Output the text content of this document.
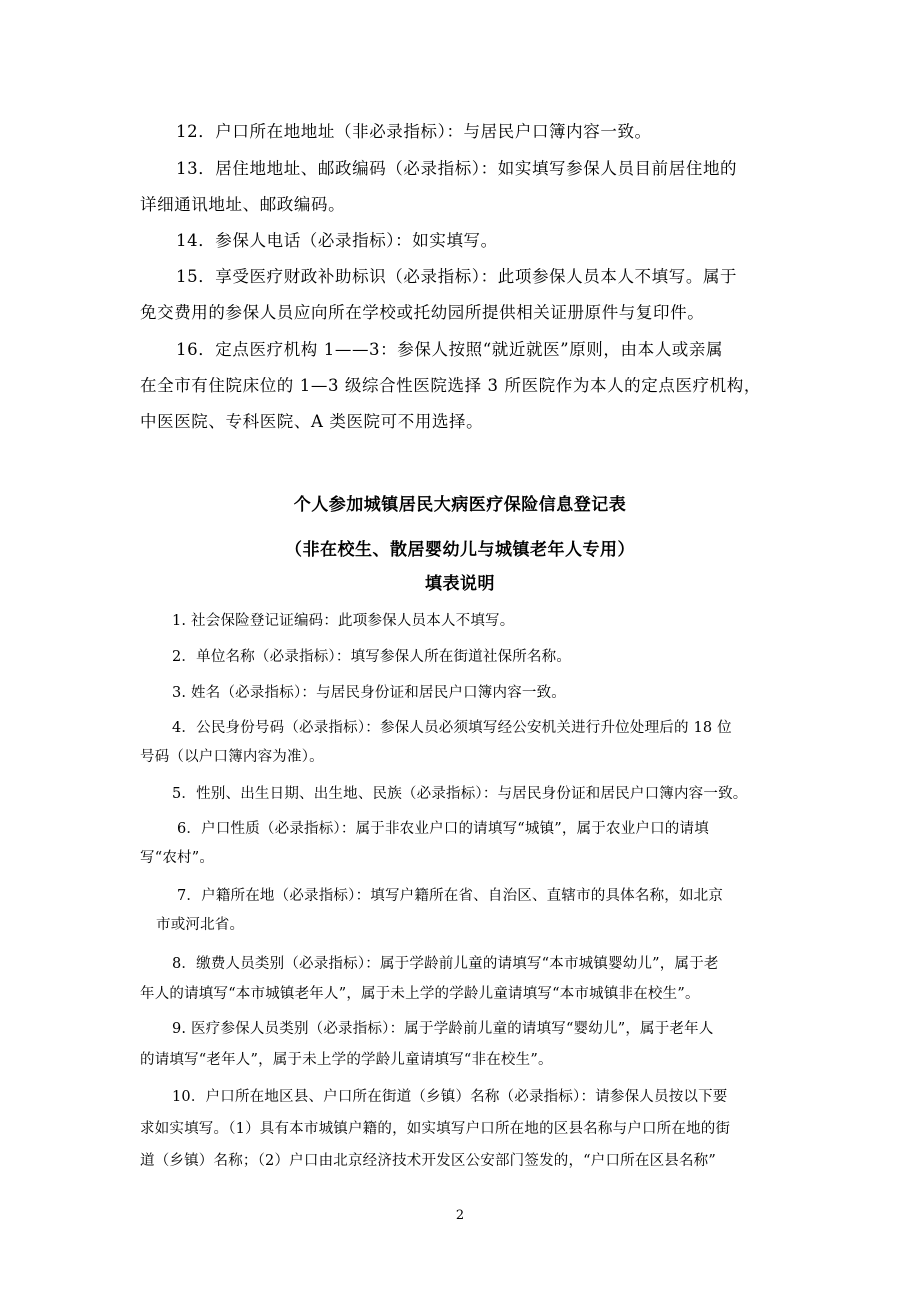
12．户口所在地地址（非必录指标）：与居民户口簿内容一致。

13．居住地地址、邮政编码（必录指标）：如实填写参保人员目前居住地的

详细通讯地址、邮政编码。

14．参保人电话（必录指标）：如实填写。

15．享受医疗财政补助标识（必录指标）：此项参保人员本人不填写。属于

免交费用的参保人员应向所在学校或托幼园所提供相关证册原件与复印件。

16．定点医疗机构 1——3：参保人按照“就近就医”原则，由本人或亲属

在全市有住院床位的 1—3 级综合性医院选择 3 所医院作为本人的定点医疗机构，

中医医院、专科医院、A 类医院可不用选择。

个人参加城镇居民大病医疗保险信息登记表

（非在校生、散居婴幼儿与城镇老年人专用）

填表说明

1. 社会保险登记证编码：此项参保人员本人不填写。

2．单位名称（必录指标）：填写参保人所在街道社保所名称。

3. 姓名（必录指标）：与居民身份证和居民户口簿内容一致。

4．公民身份号码（必录指标）：参保人员必须填写经公安机关进行升位处理后的 18 位

号码（以户口簿内容为准）。

5．性别、出生日期、出生地、民族（必录指标）：与居民身份证和居民户口簿内容一致。

6．户口性质（必录指标）：属于非农业户口的请填写“城镇”，属于农业户口的请填

写“农村”。

7．户籍所在地（必录指标）：填写户籍所在省、自治区、直辖市的具体名称，如北京

市或河北省。

8．缴费人员类别（必录指标）：属于学龄前儿童的请填写“本市城镇婴幼儿”，属于老

年人的请填写“本市城镇老年人”，属于未上学的学龄儿童请填写“本市城镇非在校生”。

9. 医疗参保人员类别（必录指标）：属于学龄前儿童的请填写“婴幼儿”，属于老年人

的请填写“老年人”，属于未上学的学龄儿童请填写“非在校生”。

10．户口所在地区县、户口所在街道（乡镇）名称（必录指标）：请参保人员按以下要

求如实填写。（1）具有本市城镇户籍的，如实填写户口所在地的区县名称与户口所在地的街

道（乡镇）名称；（2）户口由北京经济技术开发区公安部门签发的，“户口所在区县名称”

2
